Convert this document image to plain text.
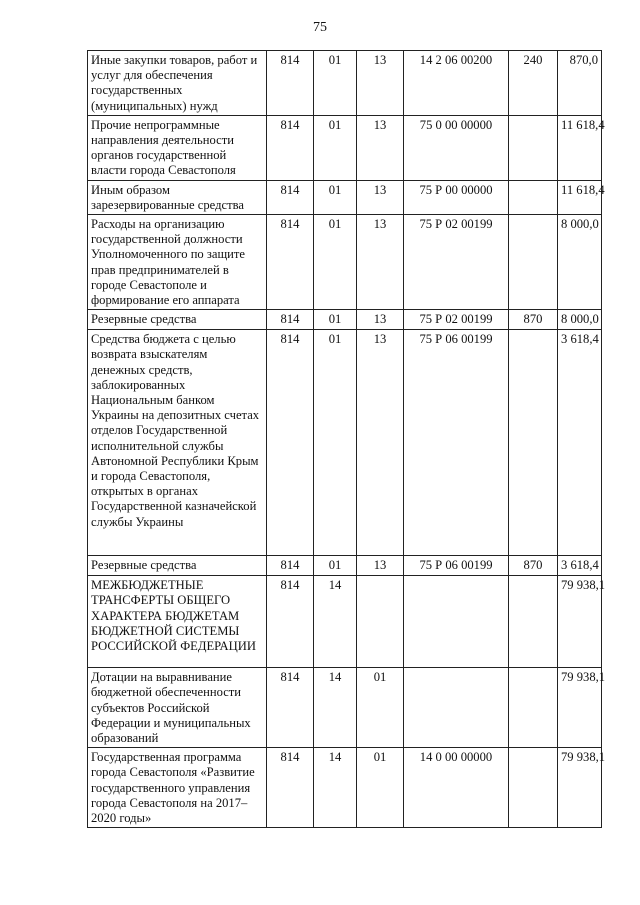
75
Иные закупки товаров, работ и услуг для обеспечения государственных (муниципальных) нужд	814	01	13	14 2 06 00200	240	870,0
Прочие непрограммные направления деятельности органов государственной власти города Севастополя	814	01	13	75 0 00 00000		11 618,4
Иным образом зарезервированные средства	814	01	13	75 Р 00 00000		11 618,4
Расходы на организацию государственной должности Уполномоченного по защите прав предпринимателей в городе Севастополе и формирование его аппарата	814	01	13	75 Р 02 00199		8 000,0
Резервные средства	814	01	13	75 Р 02 00199	870	8 000,0
Средства бюджета с целью возврата взыскателям денежных средств, заблокированных Национальным банком Украины на депозитных счетах отделов Государственной исполнительной службы Автономной Республики Крым и города Севастополя, открытых в органах Государственной казначейской службы Украины	814	01	13	75 Р 06 00199		3 618,4
Резервные средства	814	01	13	75 Р 06 00199	870	3 618,4
МЕЖБЮДЖЕТНЫЕ ТРАНСФЕРТЫ ОБЩЕГО ХАРАКТЕРА БЮДЖЕТАМ БЮДЖЕТНОЙ СИСТЕМЫ РОССИЙСКОЙ ФЕДЕРАЦИИ	814	14				79 938,1
Дотации на выравнивание бюджетной обеспеченности субъектов Российской Федерации и муниципальных образований	814	14	01			79 938,1
Государственная программа города Севастополя «Развитие государственного управления города Севастополя на 2017–2020 годы»	814	14	01	14 0 00 00000		79 938,1
